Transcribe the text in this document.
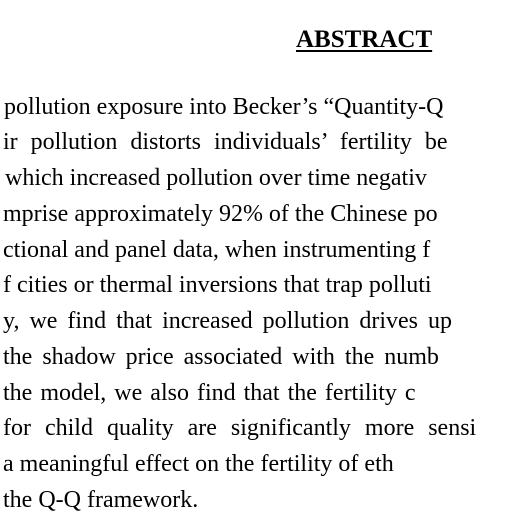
ABSTRACT

pollution exposure into Becker’s “Quantity-Q

ir pollution distorts individuals’ fertility be

which increased pollution over time negativ

mprise approximately 92% of the Chinese po

ctional and panel data, when instrumenting f

f cities or thermal inversions that trap polluti

y, we find that increased pollution drives up

the shadow price associated with the numb

the model, we also find that the fertility c

for child quality are significantly more sensi

a meaningful effect on the fertility of eth

the Q-Q framework.
